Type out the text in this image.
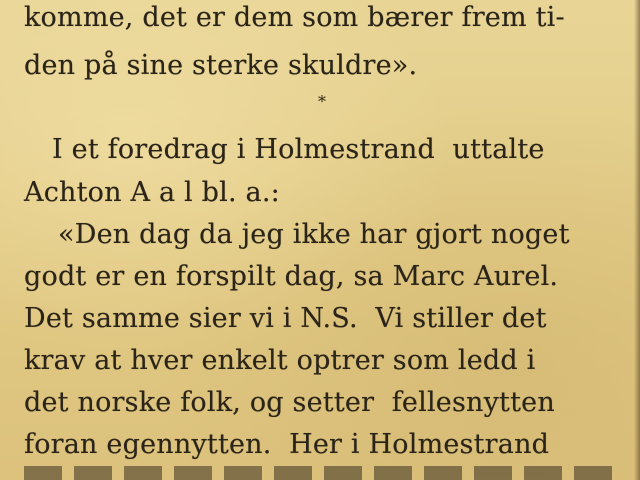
komme, det er dem som bærer frem ti-
den på sine sterke skuldre».
*
I et foredrag i Holmestrand  uttalte
Achton A a l bl. a.:
«Den dag da jeg ikke har gjort noget
godt er en forspilt dag, sa Marc Aurel.
Det samme sier vi i N.S.  Vi stiller det
krav at hver enkelt optrer som ledd i
det norske folk, og setter  fellesnytten
foran egennytten.  Her i Holmestrand
